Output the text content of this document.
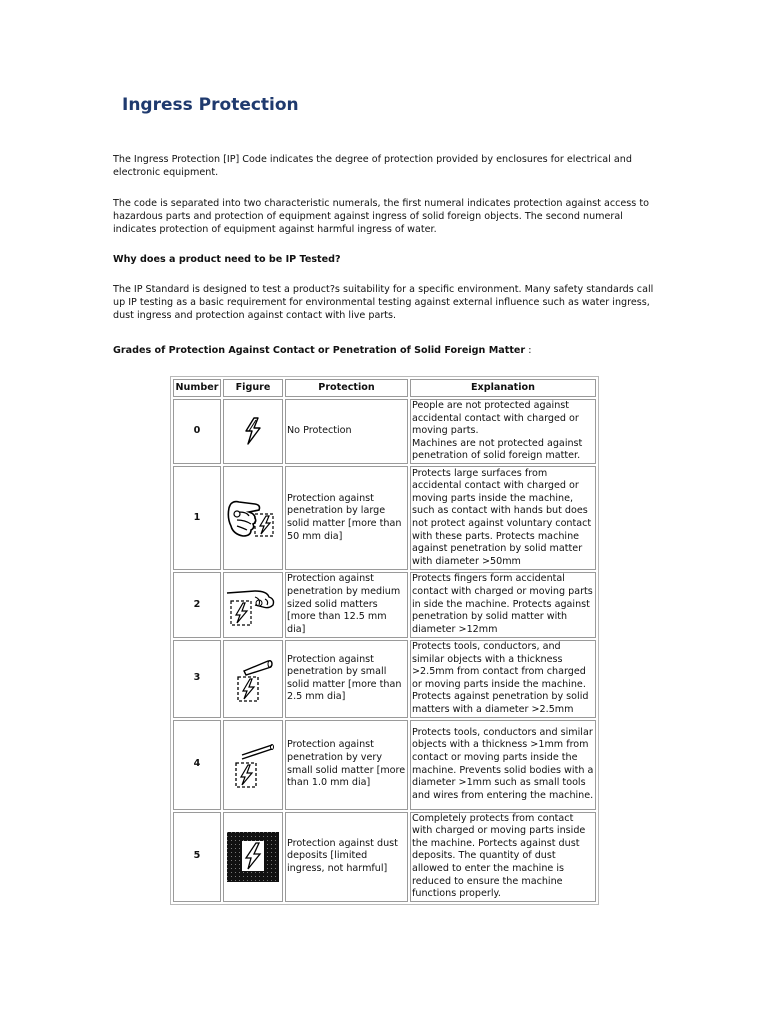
Ingress Protection

The Ingress Protection [IP] Code indicates the degree of protection provided by enclosures for electrical and electronic equipment.

The code is separated into two characteristic numerals, the first numeral indicates protection against access to hazardous parts and protection of equipment against ingress of solid foreign objects. The second numeral indicates protection of equipment against harmful ingress of water.

Why does a product need to be IP Tested?

The IP Standard is designed to test a product?s suitability for a specific environment. Many safety standards call up IP testing as a basic requirement for environmental testing against external influence such as water ingress, dust ingress and protection against contact with live parts.

Grades of Protection Against Contact or Penetration of Solid Foreign Matter :

Number	Figure	Protection	Explanation
0		No Protection	People are not protected against accidental contact with charged or moving parts.
Machines are not protected against penetration of solid foreign matter.

1		Protection against penetration by large solid matter [more than 50 mm dia]	Protects large surfaces from accidental contact with charged or moving parts inside the machine, such as contact with hands but does not protect against voluntary contact with these parts. Protects machine against penetration by solid matter with diameter >50mm
2		Protection against penetration by medium sized solid matters [more than 12.5 mm dia]	Protects fingers form accidental contact with charged or moving parts in side the machine. Protects against penetration by solid matter with diameter >12mm
3		Protection against penetration by small solid matter [more than 2.5 mm dia]	Protects tools, conductors, and similar objects with a thickness >2.5mm from contact from charged or moving parts inside the machine. Protects against penetration by solid matters with a diameter >2.5mm
4		Protection against penetration by very small solid matter [more than 1.0 mm dia]	Protects tools, conductors and similar objects with a thickness >1mm from contact or moving parts inside the machine. Prevents solid bodies with a diameter >1mm such as small tools and wires from entering the machine.
5		Protection against dust deposits [limited ingress, not harmful]	Completely protects from contact with charged or moving parts inside the machine. Portects against dust deposits. The quantity of dust allowed to enter the machine is reduced to ensure the machine functions properly.
